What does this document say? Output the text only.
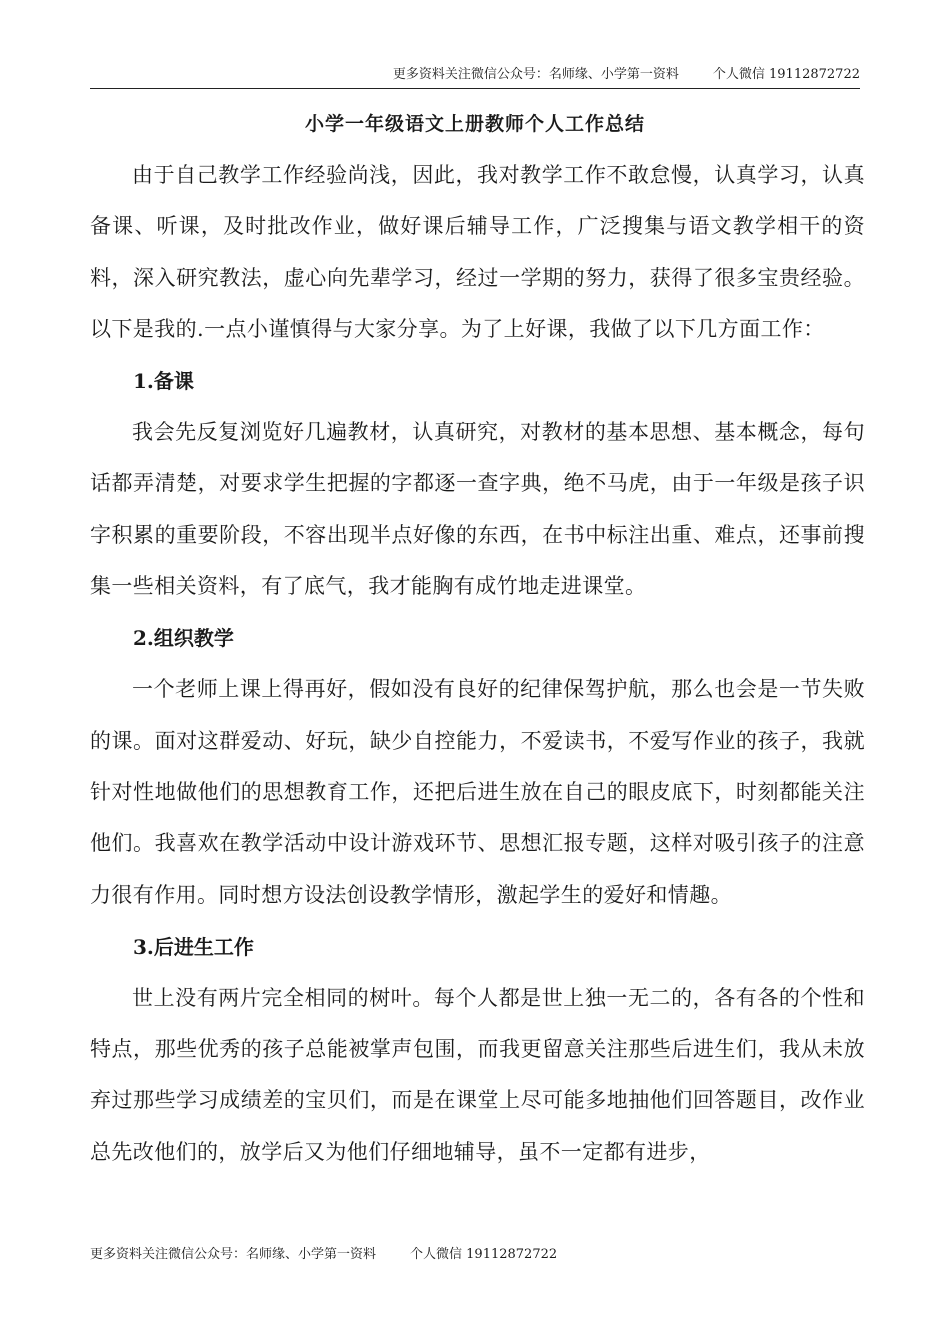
更多资料关注微信公众号：名师缘、小学第一资料	个人微信 19112872722
小学一年级语文上册教师个人工作总结

由于自己教学工作经验尚浅，因此，我对教学工作不敢怠慢，认真学习，认真备课、听课，及时批改作业，做好课后辅导工作，广泛搜集与语文教学相干的资料，深入研究教法，虚心向先辈学习，经过一学期的努力，获得了很多宝贵经验。以下是我的.一点小谨慎得与大家分享。为了上好课，我做了以下几方面工作：

1.备课

我会先反复浏览好几遍教材，认真研究，对教材的基本思想、基本概念，每句话都弄清楚，对要求学生把握的字都逐一查字典，绝不马虎，由于一年级是孩子识字积累的重要阶段，不容出现半点好像的东西，在书中标注出重、难点，还事前搜集一些相关资料，有了底气，我才能胸有成竹地走进课堂。

2.组织教学

一个老师上课上得再好，假如没有良好的纪律保驾护航，那么也会是一节失败的课。面对这群爱动、好玩，缺少自控能力，不爱读书，不爱写作业的孩子，我就针对性地做他们的思想教育工作，还把后进生放在自己的眼皮底下，时刻都能关注他们。我喜欢在教学活动中设计游戏环节、思想汇报专题，这样对吸引孩子的注意力很有作用。同时想方设法创设教学情形，激起学生的爱好和情趣。

3.后进生工作

世上没有两片完全相同的树叶。每个人都是世上独一无二的，各有各的个性和特点，那些优秀的孩子总能被掌声包围，而我更留意关注那些后进生们，我从未放弃过那些学习成绩差的宝贝们，而是在课堂上尽可能多地抽他们回答题目，改作业总先改他们的，放学后又为他们仔细地辅导，虽不一定都有进步，

更多资料关注微信公众号：名师缘、小学第一资料	个人微信 19112872722
